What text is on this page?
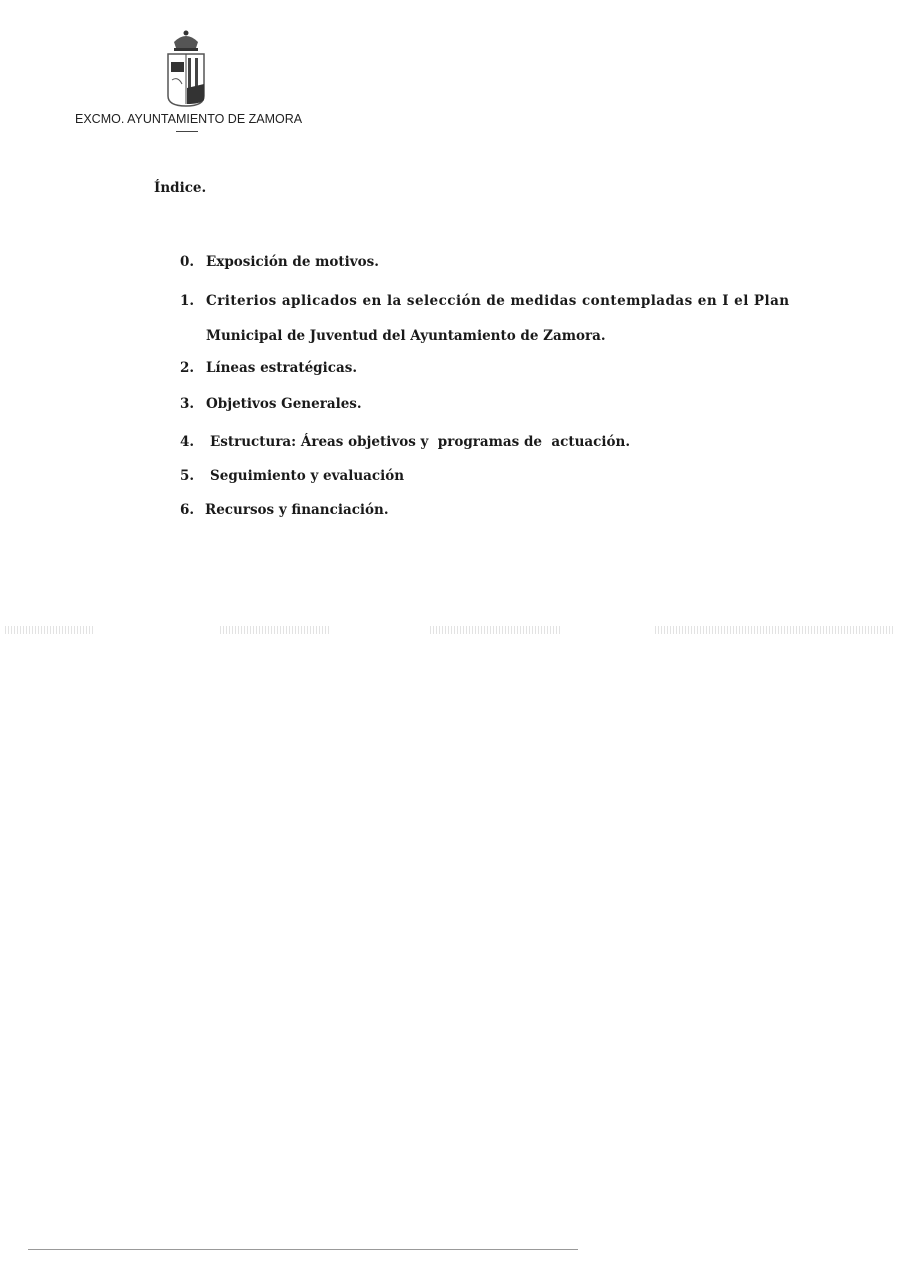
EXCMO. AYUNTAMIENTO DE ZAMORA
Índice.
0. Exposición de motivos.
1. Criterios aplicados en la selección de medidas contempladas en I el Plan
Municipal de Juventud del Ayuntamiento de Zamora.
2. Líneas estratégicas.
3. Objetivos Generales.
4. Estructura: Áreas objetivos y  programas de  actuación.
5. Seguimiento y evaluación
6. Recursos y financiación.
